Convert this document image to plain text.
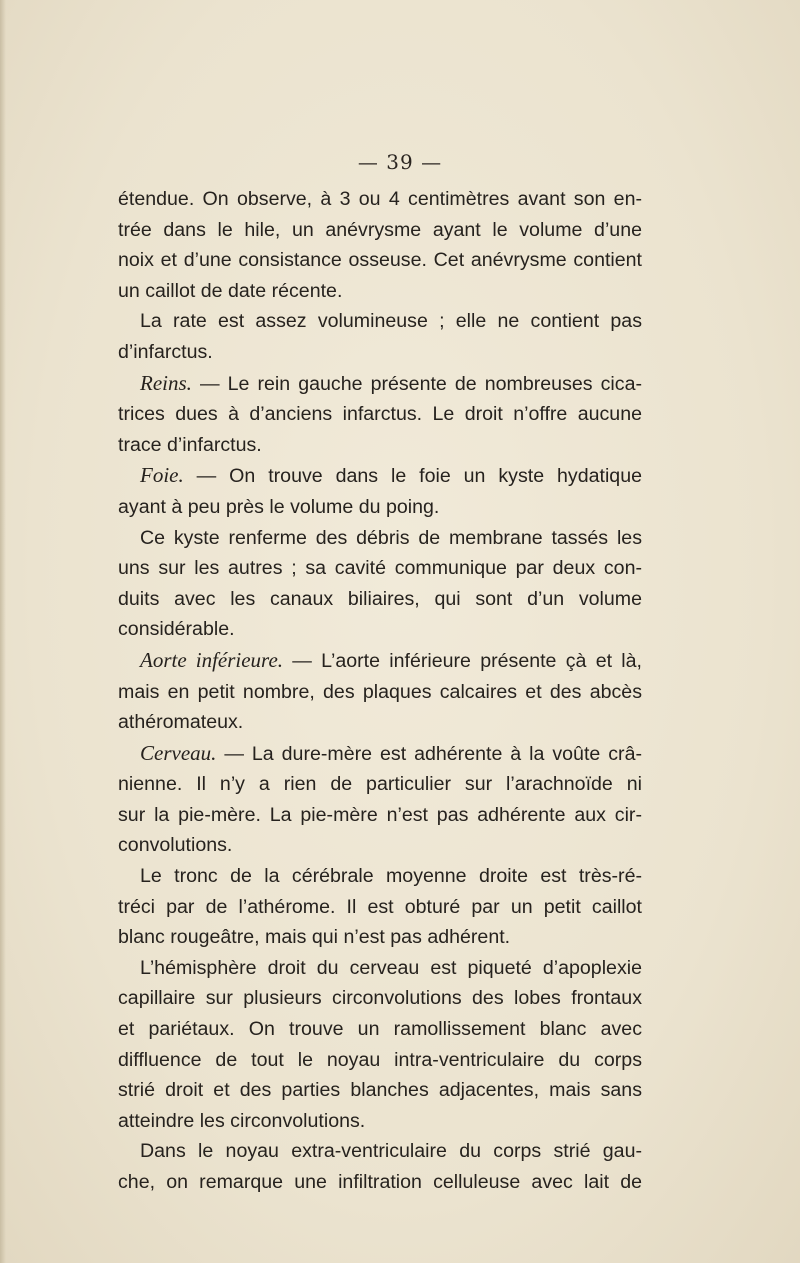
— 39 —

étendue. On observe, à 3 ou 4 centimètres avant son en-
trée dans le hile, un anévrysme ayant le volume d’une
noix et d’une consistance osseuse. Cet anévrysme contient
un caillot de date récente.

La rate est assez volumineuse ; elle ne contient pas
d’infarctus.

Reins. — Le rein gauche présente de nombreuses cica-
trices dues à d’anciens infarctus. Le droit n’offre aucune
trace d’infarctus.

Foie. — On trouve dans le foie un kyste hydatique
ayant à peu près le volume du poing.

Ce kyste renferme des débris de membrane tassés les
uns sur les autres ; sa cavité communique par deux con-
duits avec les canaux biliaires, qui sont d’un volume
considérable.

Aorte inférieure. — L’aorte inférieure présente çà et là,
mais en petit nombre, des plaques calcaires et des abcès
athéromateux.

Cerveau. — La dure-mère est adhérente à la voûte crâ-
nienne. Il n’y a rien de particulier sur l’arachnoïde ni
sur la pie-mère. La pie-mère n’est pas adhérente aux cir-
convolutions.

Le tronc de la cérébrale moyenne droite est très-ré-
tréci par de l’athérome. Il est obturé par un petit caillot
blanc rougeâtre, mais qui n’est pas adhérent.

L’hémisphère droit du cerveau est piqueté d’apoplexie
capillaire sur plusieurs circonvolutions des lobes frontaux
et pariétaux. On trouve un ramollissement blanc avec
diffluence de tout le noyau intra-ventriculaire du corps
strié droit et des parties blanches adjacentes, mais sans
atteindre les circonvolutions.

Dans le noyau extra-ventriculaire du corps strié gau-
che, on remarque une infiltration celluleuse avec lait de
